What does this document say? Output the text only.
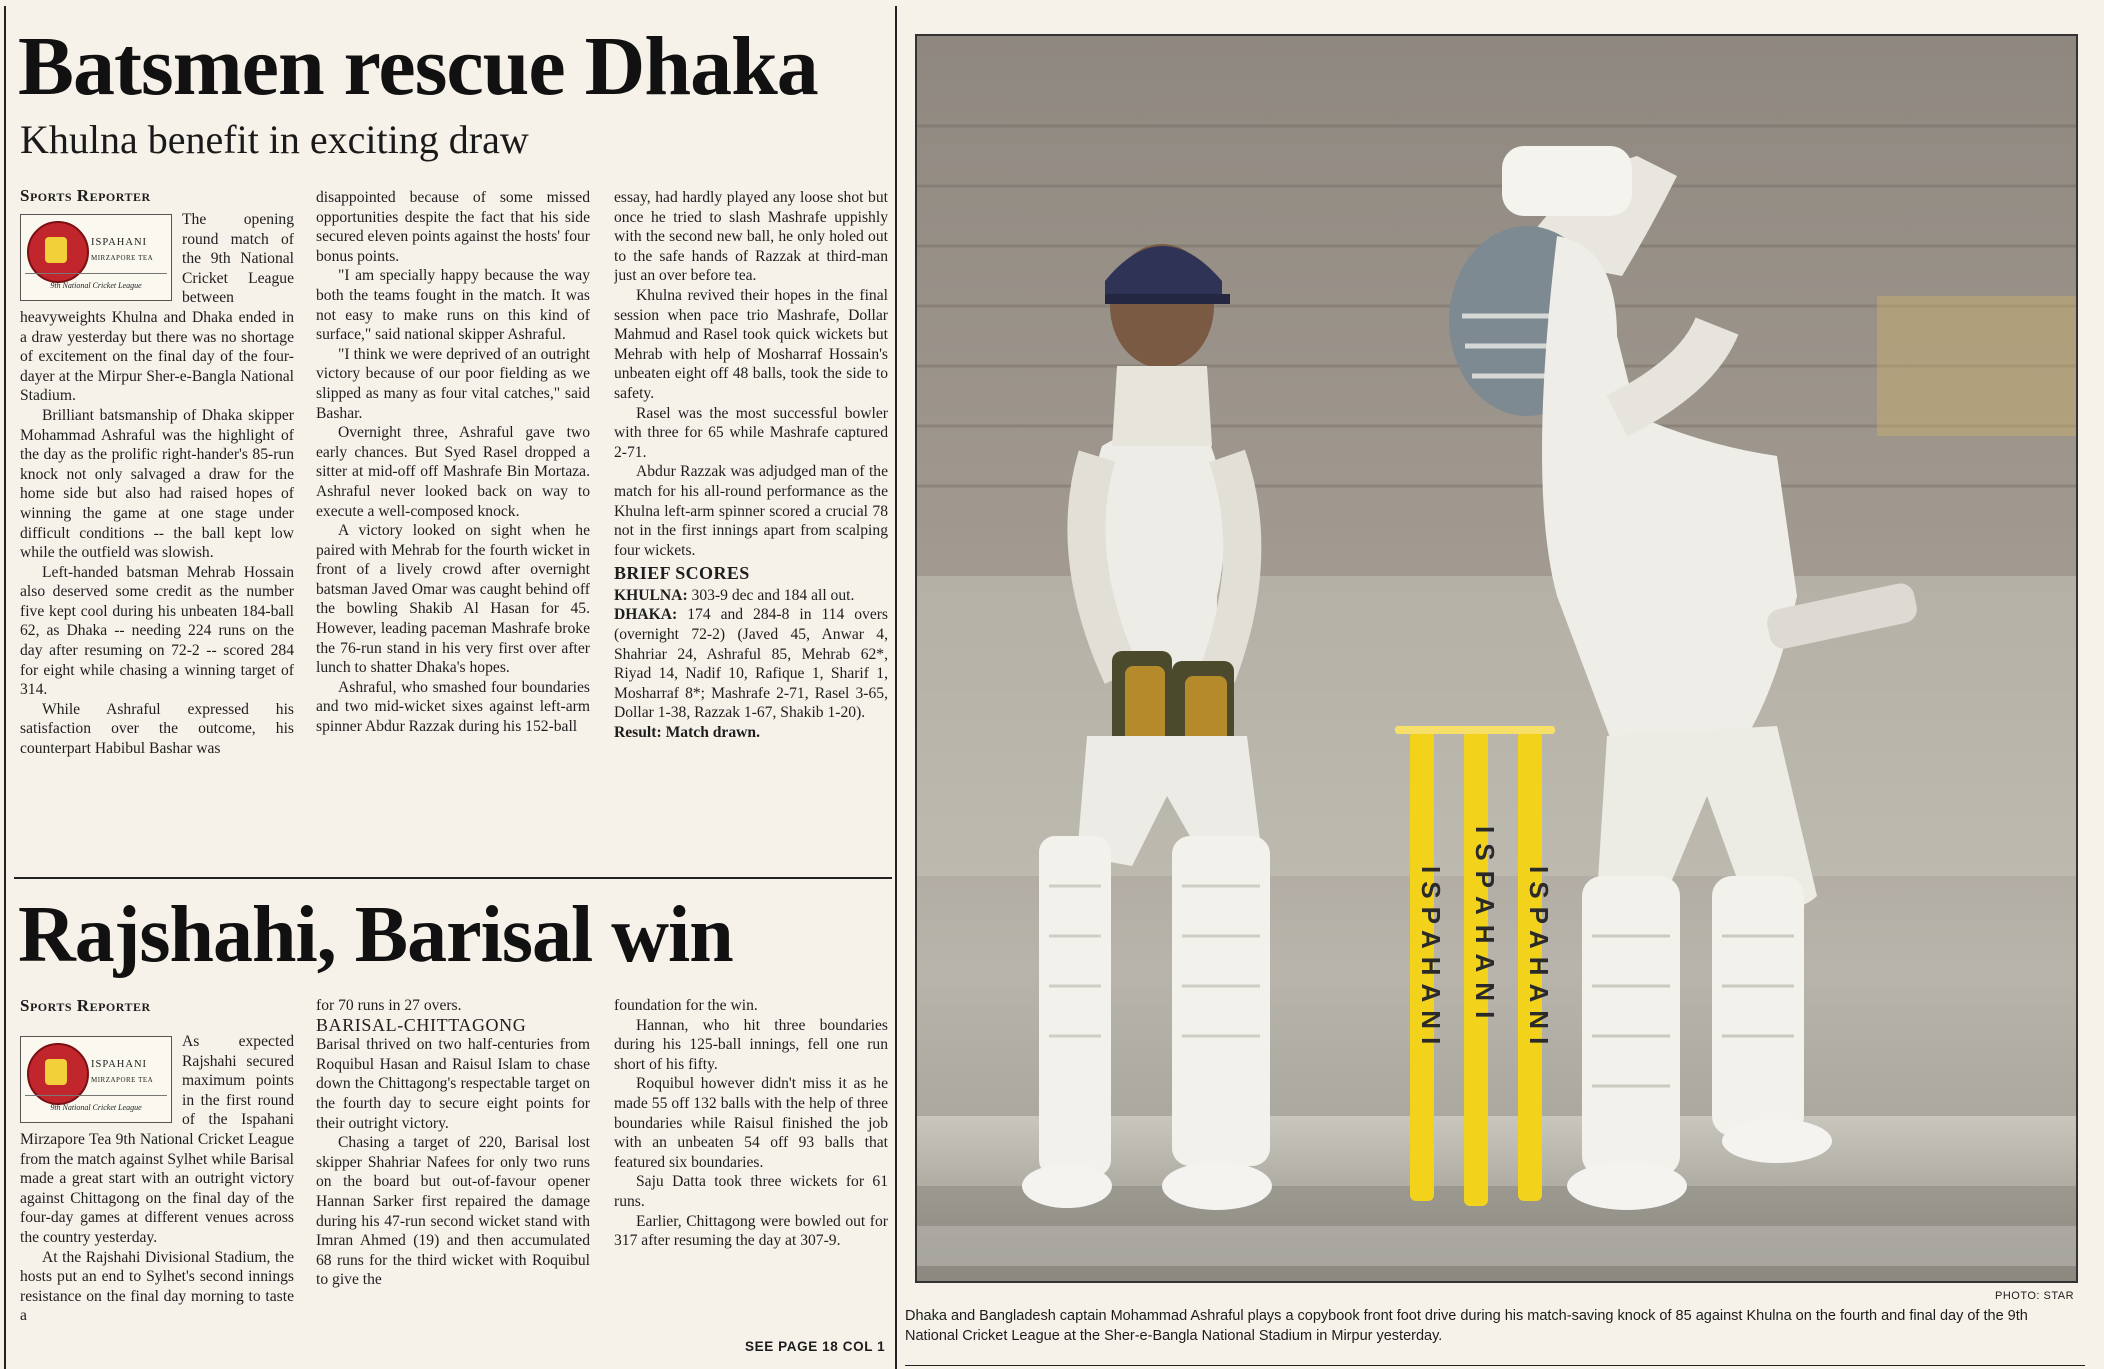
Batsmen rescue Dhaka
Khulna benefit in exciting draw
Sports Reporter
ISPAHANI
MIRZAPORE TEA
9th National Cricket League

The opening round match of the 9th National Cricket League between heavyweights Khulna and Dhaka ended in a draw yesterday but there was no shortage of excitement on the final day of the four-dayer at the Mirpur Sher-e-Bangla National Stadium.

Brilliant batsmanship of Dhaka skipper Mohammad Ashraful was the highlight of the day as the prolific right-hander's 85-run knock not only salvaged a draw for the home side but also had raised hopes of winning the game at one stage under difficult conditions -- the ball kept low while the outfield was slowish.

Left-handed batsman Mehrab Hossain also deserved some credit as the number five kept cool during his unbeaten 184-ball 62, as Dhaka -- needing 224 runs on the day after resuming on 72-2 -- scored 284 for eight while chasing a winning target of 314.

While Ashraful expressed his satisfaction over the outcome, his counterpart Habibul Bashar was

disappointed because of some missed opportunities despite the fact that his side secured eleven points against the hosts' four bonus points.

"I am specially happy because the way both the teams fought in the match. It was not easy to make runs on this kind of surface," said national skipper Ashraful.

"I think we were deprived of an outright victory because of our poor fielding as we slipped as many as four vital catches," said Bashar.

Overnight three, Ashraful gave two early chances. But Syed Rasel dropped a sitter at mid-off off Mashrafe Bin Mortaza. Ashraful never looked back on way to execute a well-composed knock.

A victory looked on sight when he paired with Mehrab for the fourth wicket in front of a lively crowd after overnight batsman Javed Omar was caught behind off the bowling Shakib Al Hasan for 45. However, leading paceman Mashrafe broke the 76-run stand in his very first over after lunch to shatter Dhaka's hopes.

Ashraful, who smashed four boundaries and two mid-wicket sixes against left-arm spinner Abdur Razzak during his 152-ball

essay, had hardly played any loose shot but once he tried to slash Mashrafe uppishly with the second new ball, he only holed out to the safe hands of Razzak at third-man just an over before tea.

Khulna revived their hopes in the final session when pace trio Mashrafe, Dollar Mahmud and Rasel took quick wickets but Mehrab with help of Mosharraf Hossain's unbeaten eight off 48 balls, took the side to safety.

Rasel was the most successful bowler with three for 65 while Mashrafe captured 2-71.

Abdur Razzak was adjudged man of the match for his all-round performance as the Khulna left-arm spinner scored a crucial 78 not in the first innings apart from scalping four wickets.

BRIEF SCORES

KHULNA: 303-9 dec and 184 all out.

DHAKA: 174 and 284-8 in 114 overs (overnight 72-2) (Javed 45, Anwar 4, Shahriar 24, Ashraful 85, Mehrab 62*, Riyad 14, Nadif 10, Rafique 1, Sharif 1, Mosharraf 8*; Mashrafe 2-71, Rasel 3-65, Dollar 1-38, Razzak 1-67, Shakib 1-20).

Result: Match drawn.

Rajshahi, Barisal win
Sports Reporter
ISPAHANI
MIRZAPORE TEA
9th National Cricket League

As expected Rajshahi secured maximum points in the first round of the Ispahani Mirzapore Tea 9th National Cricket League from the match against Sylhet while Barisal made a great start with an outright victory against Chittagong on the final day of the four-day games at different venues across the country yesterday.

At the Rajshahi Divisional Stadium, the hosts put an end to Sylhet's second innings resistance on the final day morning to taste a

for 70 runs in 27 overs.

BARISAL-CHITTAGONG

Barisal thrived on two half-centuries from Roquibul Hasan and Raisul Islam to chase down the Chittagong's respectable target on the fourth day to secure eight points for their outright victory.

Chasing a target of 220, Barisal lost skipper Shahriar Nafees for only two runs on the board but out-of-favour opener Hannan Sarker first repaired the damage during his 47-run second wicket stand with Imran Ahmed (19) and then accumulated 68 runs for the third wicket with Roquibul to give the

foundation for the win.

Hannan, who hit three boundaries during his 125-ball innings, fell one run short of his fifty.

Roquibul however didn't miss it as he made 55 off 132 balls with the help of three boundaries while Raisul finished the job with an unbeaten 54 off 93 balls that featured six boundaries.

Saju Datta took three wickets for 61 runs.

Earlier, Chittagong were bowled out for 317 after resuming the day at 307-9.

SEE PAGE 18 COL 1
ISPAHANI ISPAHANI ISPAHANI
PHOTO: STAR
Dhaka and Bangladesh captain Mohammad Ashraful plays a copybook front foot drive during his match-saving knock of 85 against Khulna on the fourth and final day of the 9th National Cricket League at the Sher-e-Bangla National Stadium in Mirpur yesterday.
